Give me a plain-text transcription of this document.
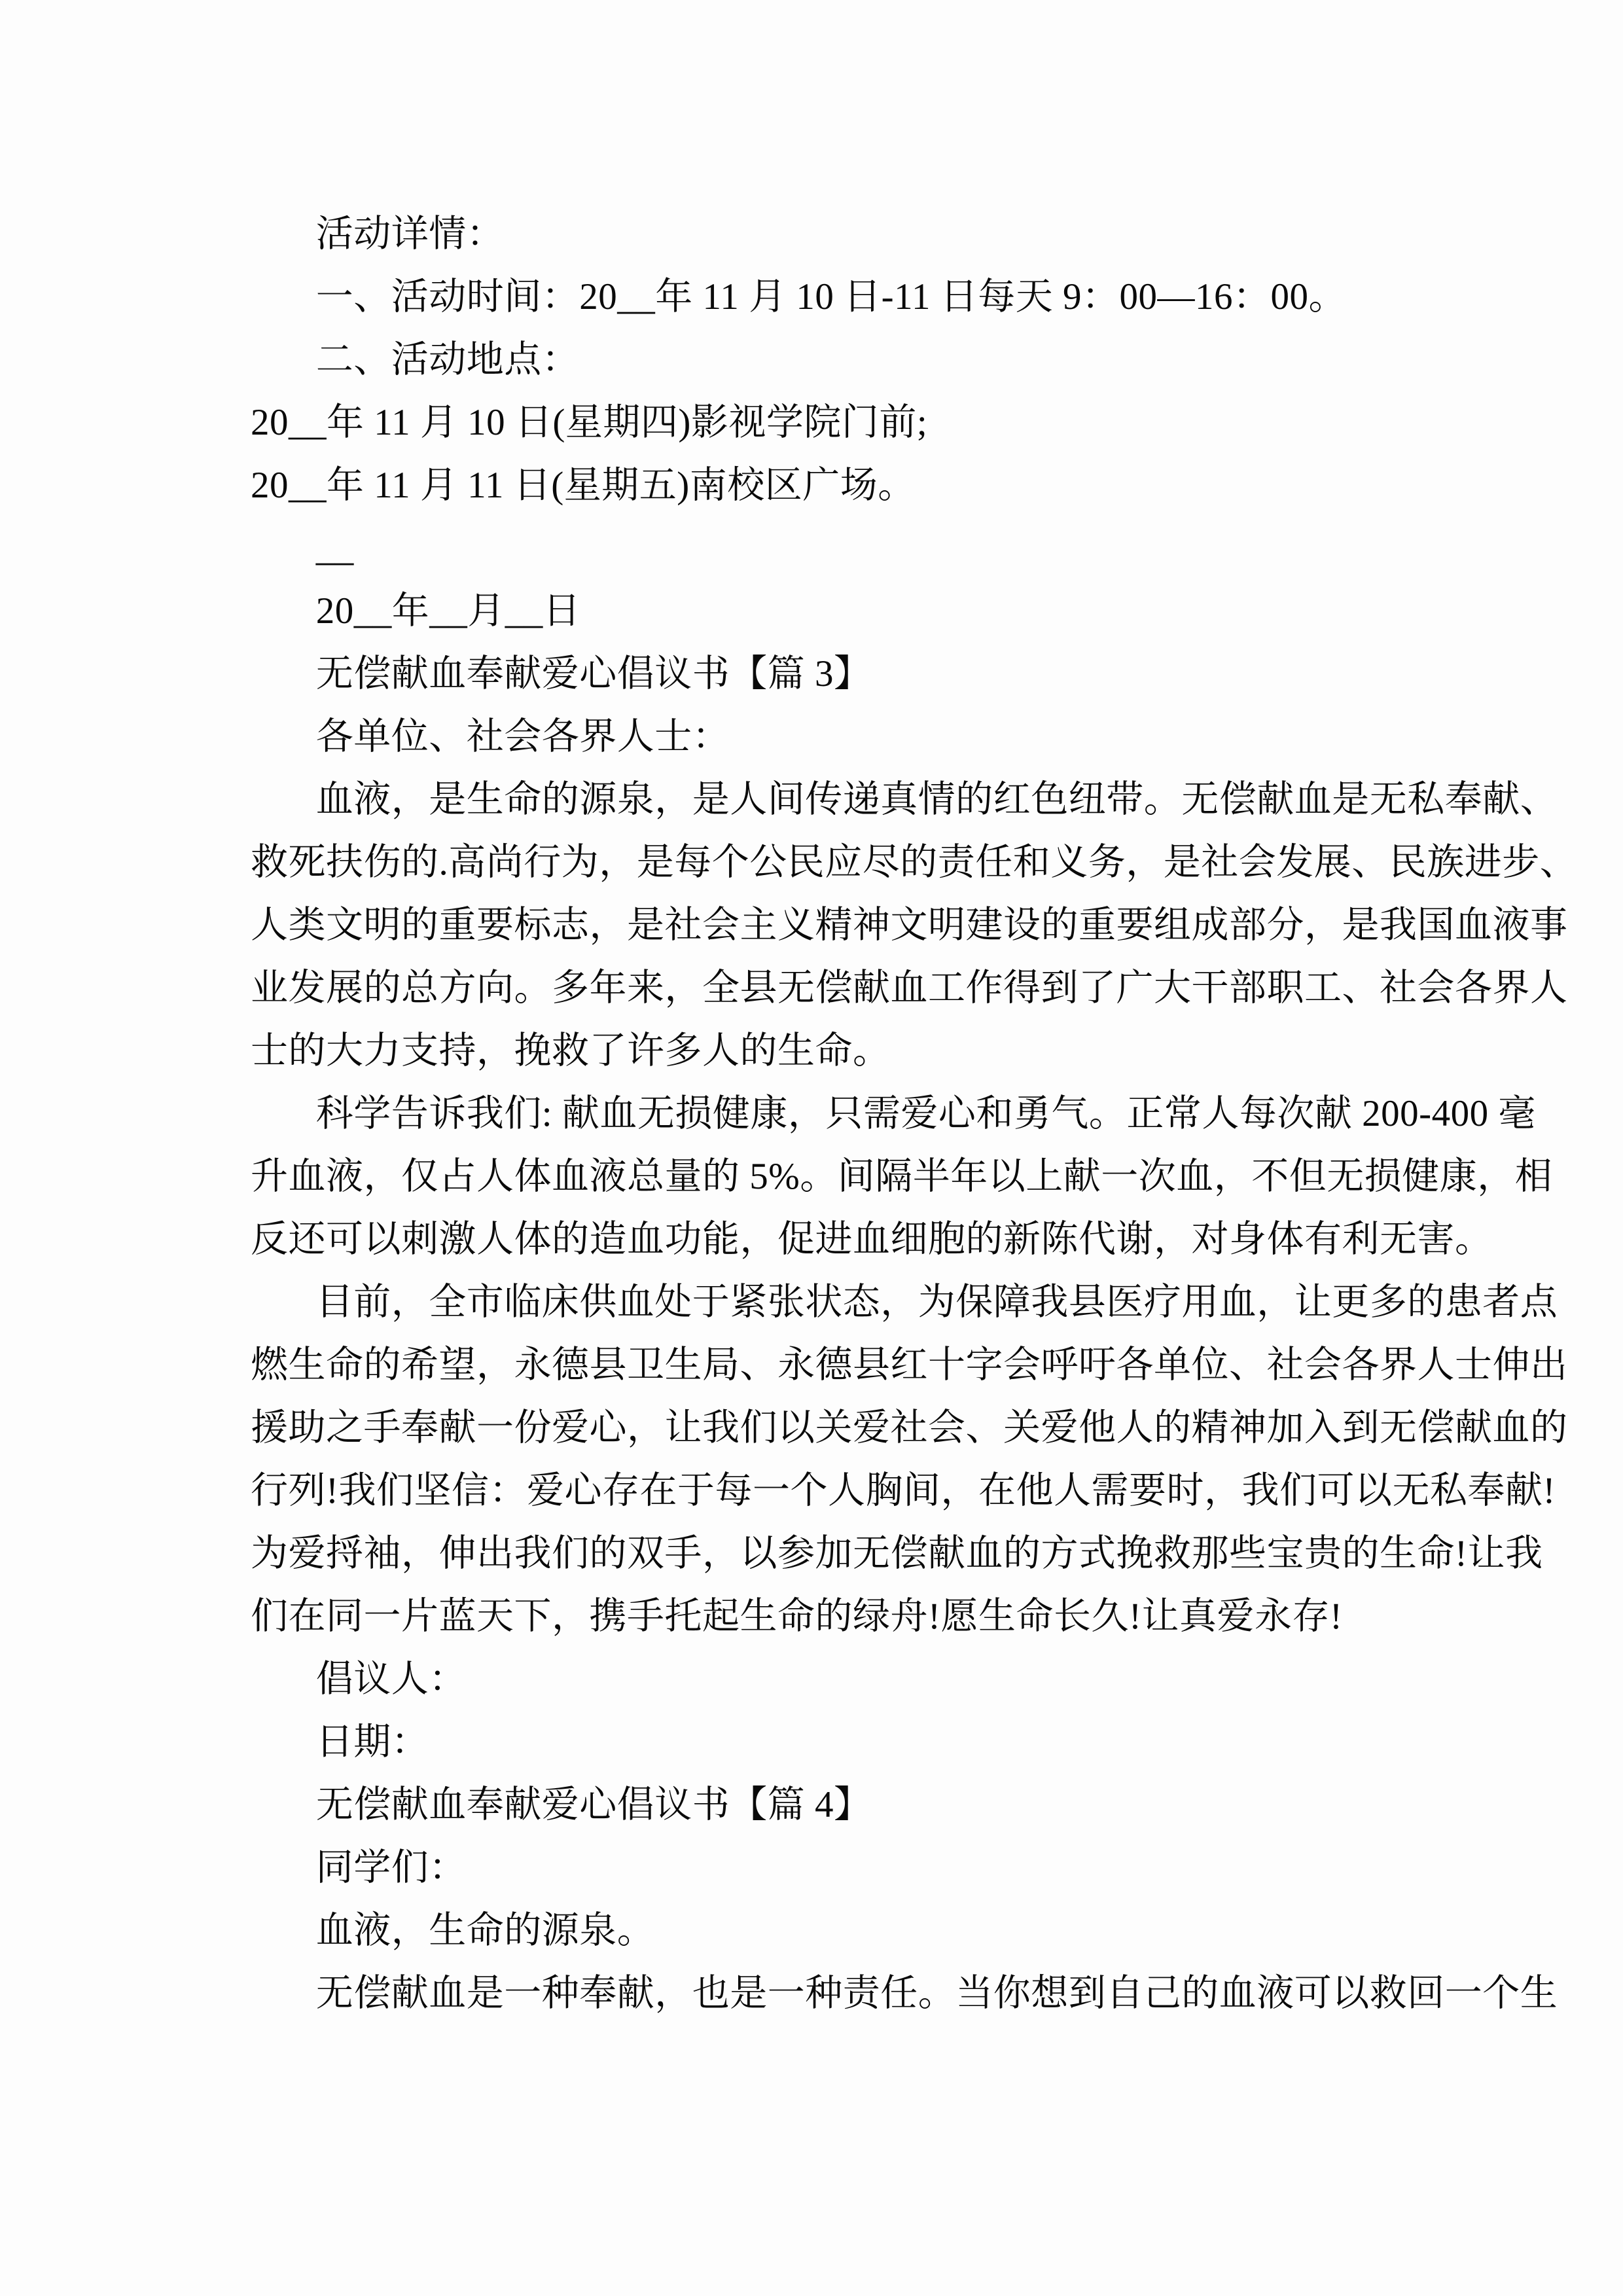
活动详情：
一、活动时间：20__年 11 月 10 日-11 日每天 9：00—16：00。
二、活动地点：
20__年 11 月 10 日(星期四)影视学院门前;
20__年 11 月 11 日(星期五)南校区广场。
__
20__年__月__日
无偿献血奉献爱心倡议书【篇 3】
各单位、社会各界人士：
血液，是生命的源泉，是人间传递真情的红色纽带。无偿献血是无私奉献、
救死扶伤的.高尚行为，是每个公民应尽的责任和义务，是社会发展、民族进步、
人类文明的重要标志，是社会主义精神文明建设的重要组成部分，是我国血液事
业发展的总方向。多年来，全县无偿献血工作得到了广大干部职工、社会各界人
士的大力支持，挽救了许多人的生命。
科学告诉我们: 献血无损健康，只需爱心和勇气。正常人每次献 200-400 毫
升血液，仅占人体血液总量的 5%。间隔半年以上献一次血，不但无损健康，相
反还可以刺激人体的造血功能，促进血细胞的新陈代谢，对身体有利无害。
目前，全市临床供血处于紧张状态，为保障我县医疗用血，让更多的患者点
燃生命的希望，永德县卫生局、永德县红十字会呼吁各单位、社会各界人士伸出
援助之手奉献一份爱心，让我们以关爱社会、关爱他人的精神加入到无偿献血的
行列!我们坚信：爱心存在于每一个人胸间，在他人需要时，我们可以无私奉献!
为爱捋袖，伸出我们的双手，以参加无偿献血的方式挽救那些宝贵的生命!让我
们在同一片蓝天下，携手托起生命的绿舟!愿生命长久!让真爱永存!
倡议人：
日期：
无偿献血奉献爱心倡议书【篇 4】
同学们：
血液，生命的源泉。
无偿献血是一种奉献，也是一种责任。当你想到自己的血液可以救回一个生
